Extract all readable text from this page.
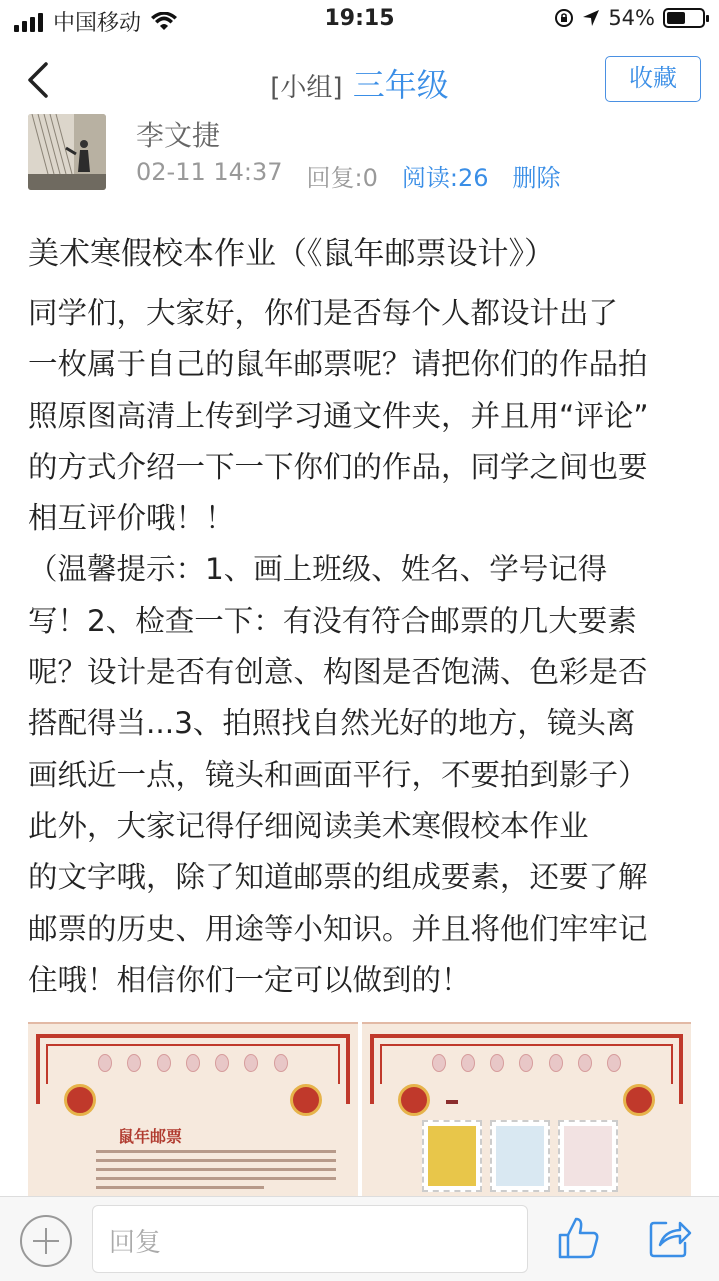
中国移动	19:15	54%
[小组] 三年级	收藏
李文捷
02-11 14:37 回复:0 阅读:26 删除
美术寒假校本作业（《鼠年邮票设计》）

同学们，大家好，你们是否每个人都设计出了

一枚属于自己的鼠年邮票呢？请把你们的作品拍

照原图高清上传到学习通文件夹，并且用“评论”

的方式介绍一下一下你们的作品，同学之间也要

相互评价哦！！

（温馨提示：1、画上班级、姓名、学号记得

写！2、检查一下：有没有符合邮票的几大要素

呢？设计是否有创意、构图是否饱满、色彩是否

搭配得当...3、拍照找自然光好的地方，镜头离

画纸近一点，镜头和画面平行，不要拍到影子）

此外，大家记得仔细阅读美术寒假校本作业

的文字哦，除了知道邮票的组成要素，还要了解

邮票的历史、用途等小知识。并且将他们牢牢记

住哦！相信你们一定可以做到的！

鼠年邮票
回复
